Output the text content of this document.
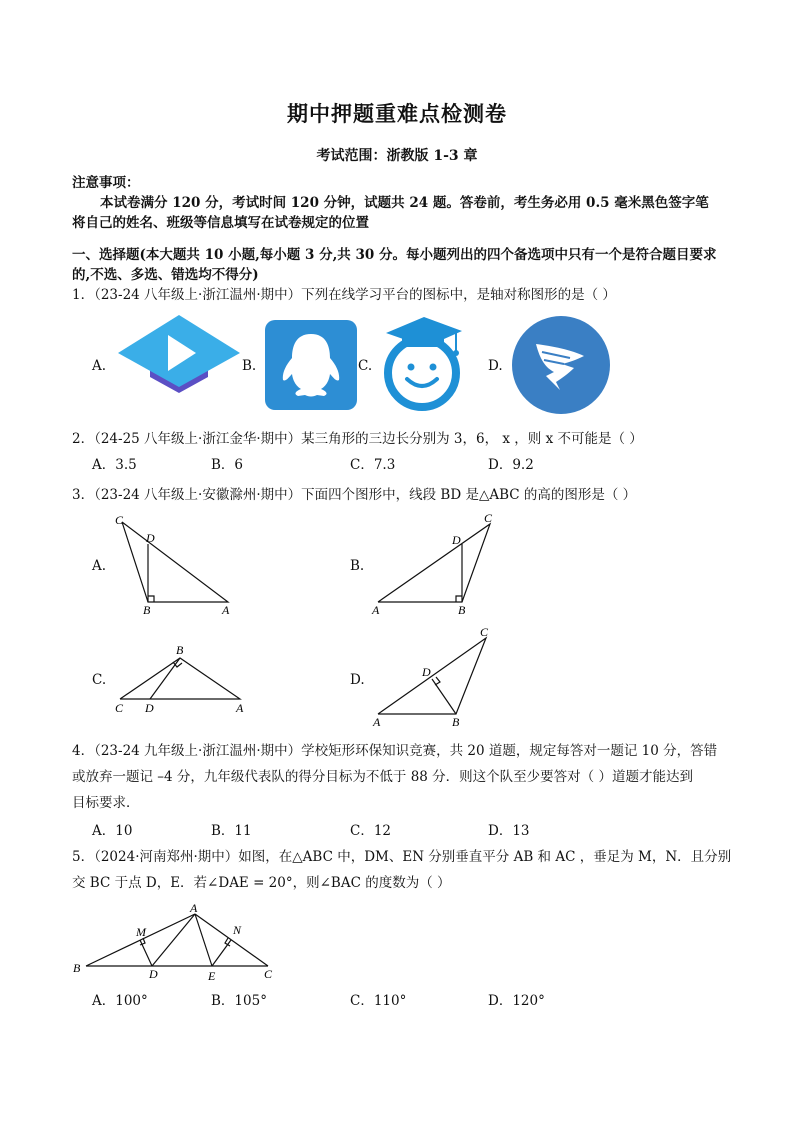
期中押题重难点检测卷
考试范围：浙教版 1-3 章
注意事项：
本试卷满分 120 分，考试时间 120 分钟，试题共 24 题。答卷前，考生务必用 0.5 毫米黑色签字笔
将自己的姓名、班级等信息填写在试卷规定的位置
一、选择题(本大题共 10 小题,每小题 3 分,共 30 分。每小题列出的四个备选项中只有一个是符合题目要求
的,不选、多选、错选均不得分)
1．（23-24 八年级上·浙江温州·期中）下列在线学习平台的图标中，是轴对称图形的是（ ）
A.	B.	C.	D.
2．（24-25 八年级上·浙江金华·期中）某三角形的三边长分别为 3，6， x ，则 x 不可能是（ ）
A．3.5	B．6	C．7.3	D．9.2
3．（23-24 八年级上·安徽滁州·期中）下面四个图形中，线段 BD 是△ABC 的高的图形是（ ）
A.	B.
C.	D.
C
D
B	A
C
D
A	B
B
C D	A
C
D
A	B
4．（23-24 九年级上·浙江温州·期中）学校矩形环保知识竞赛，共 20 道题，规定每答对一题记 10 分，答错
或放弃一题记 –4 分，九年级代表队的得分目标为不低于 88 分．则这个队至少要答对（ ）道题才能达到
目标要求．
A．10	B．11	C．12	D．13
5．（2024·河南郑州·期中）如图，在△ABC 中，DM、EN 分别垂直平分 AB 和 AC ，垂足为 M，N．且分别
交 BC 于点 D，E．若∠DAE = 20°，则∠BAC 的度数为（ ）
A
B	C
D	E
M	N
A．100°	B．105°	C．110°	D．120°
